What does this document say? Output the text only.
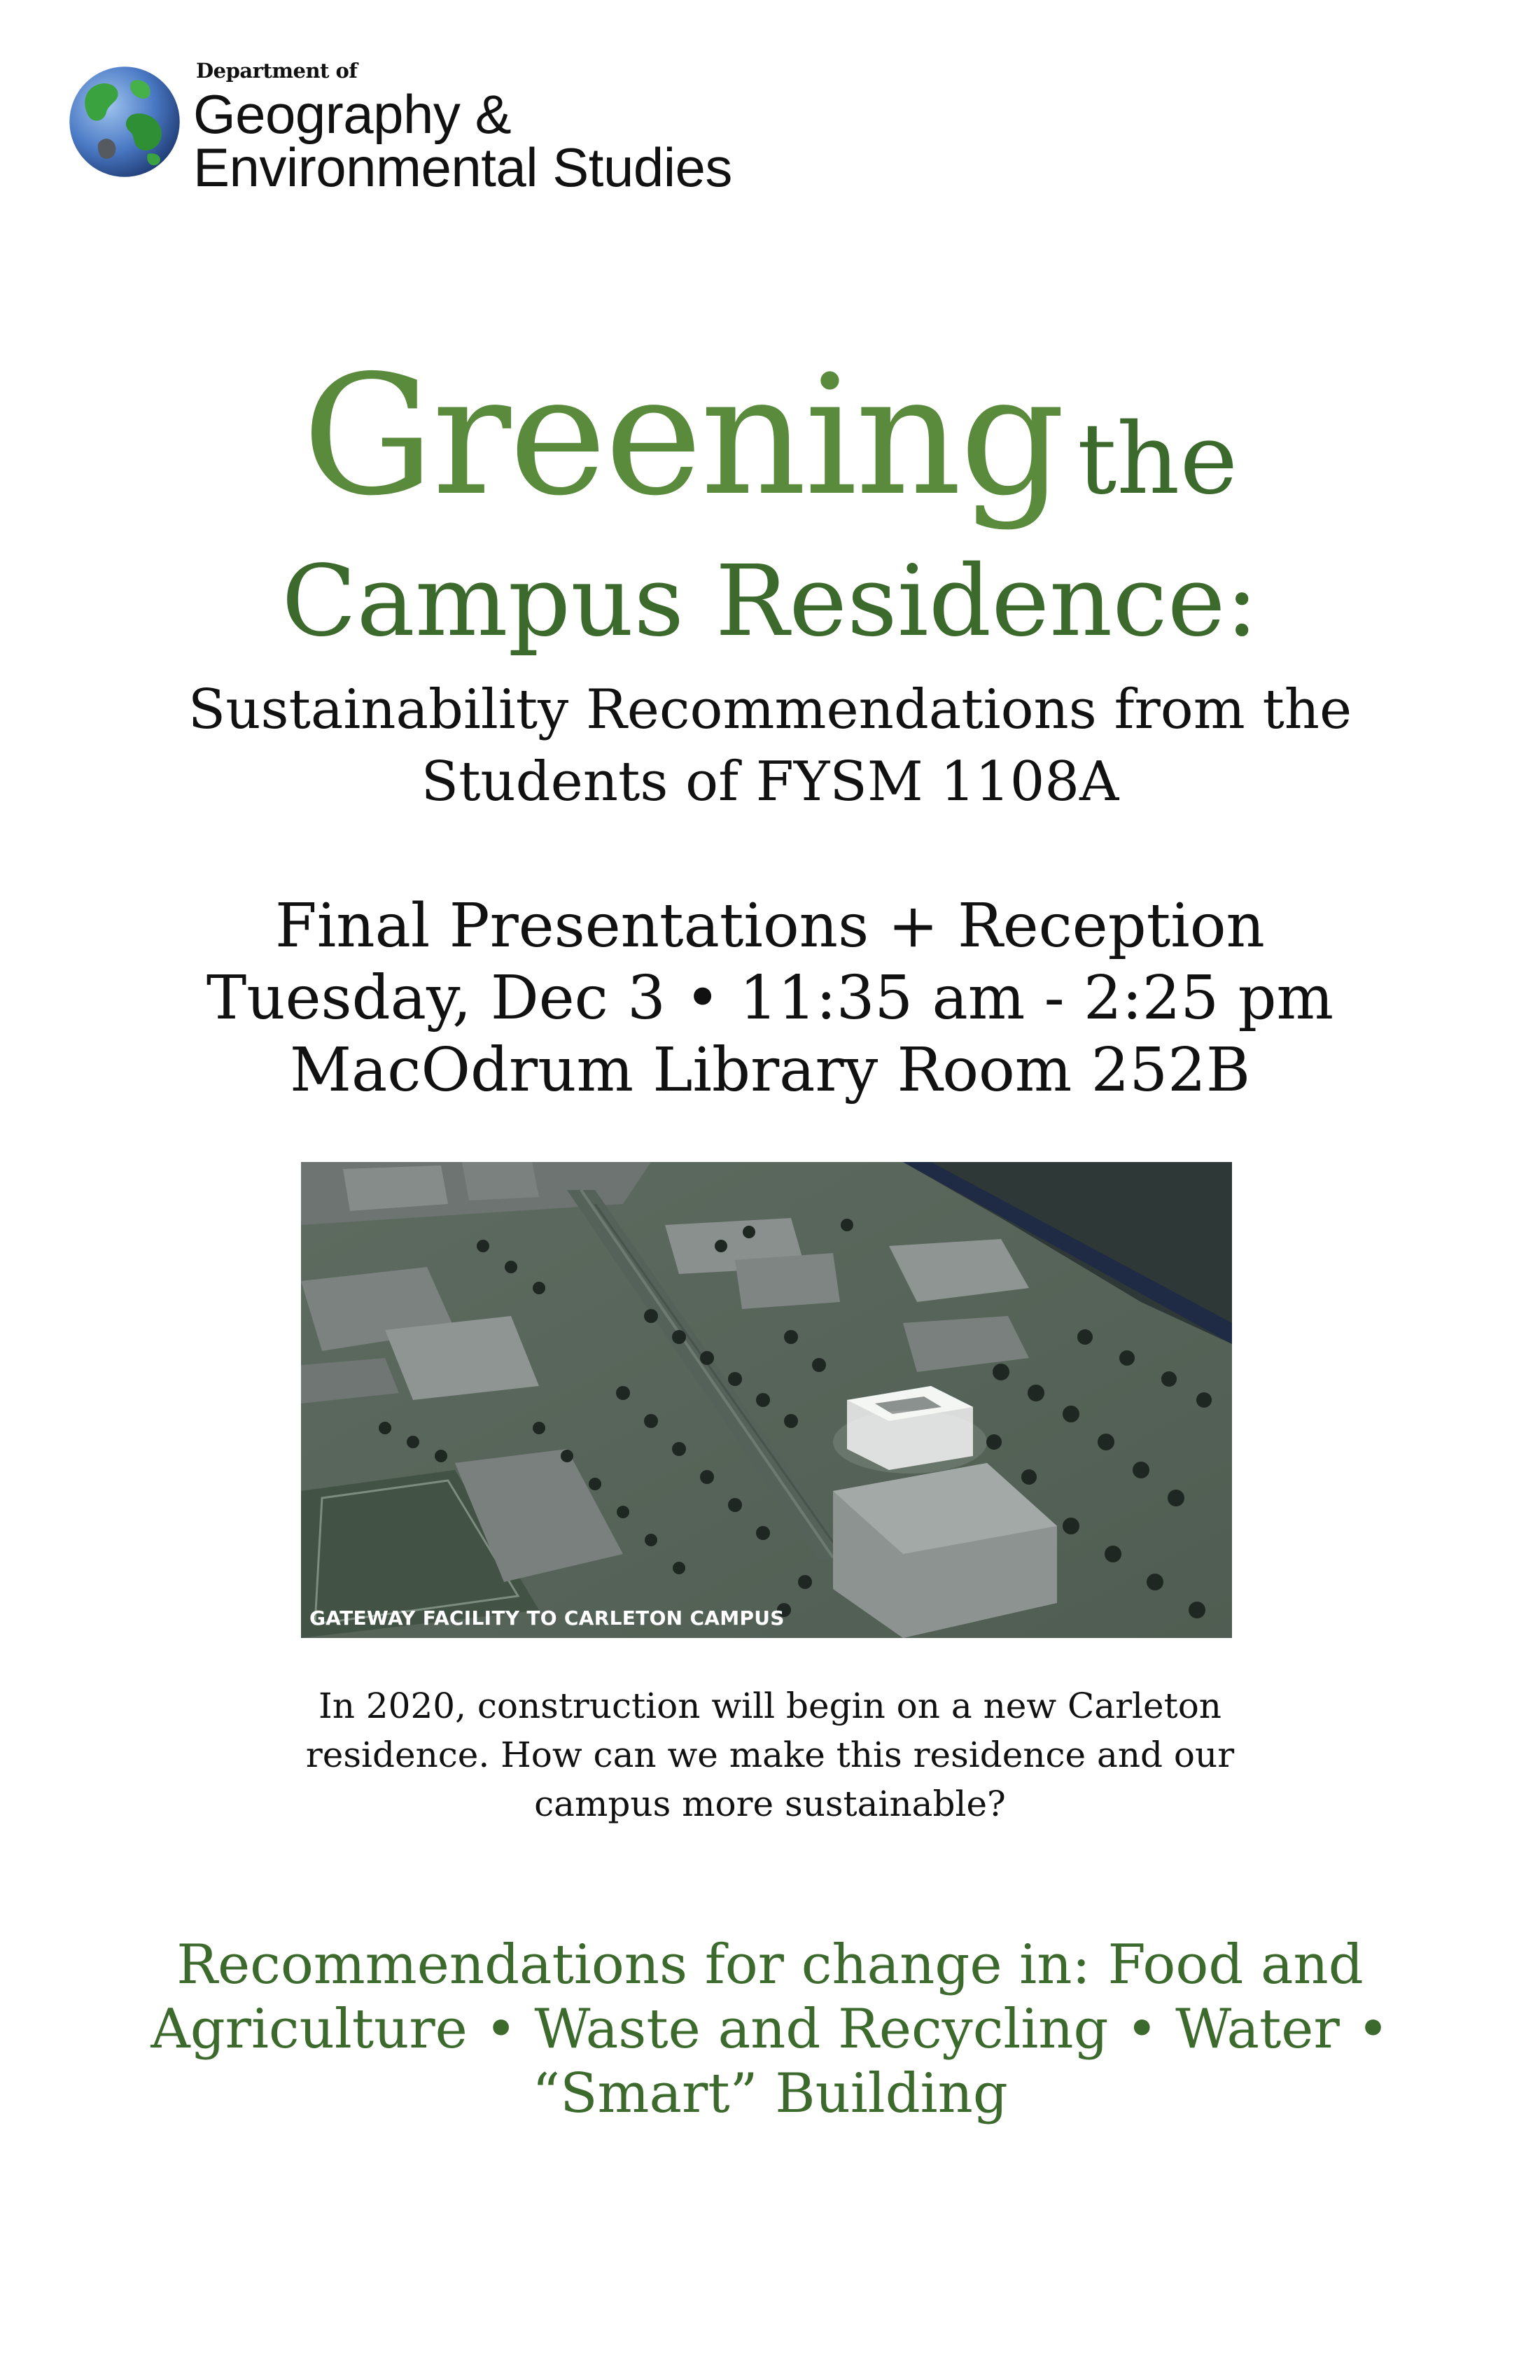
Department of
Geography &
Environmental Studies
Greening the
Campus Residence:
Sustainability Recommendations from the
Students of FYSM 1108A
Final Presentations + Reception
Tuesday, Dec 3 • 11:35 am - 2:25 pm
MacOdrum Library Room 252B
GATEWAY FACILITY TO CARLETON CAMPUS
In 2020, construction will begin on a new Carleton
residence. How can we make this residence and our
campus more sustainable?
Recommendations for change in: Food and
Agriculture • Waste and Recycling • Water •
“Smart” Building
